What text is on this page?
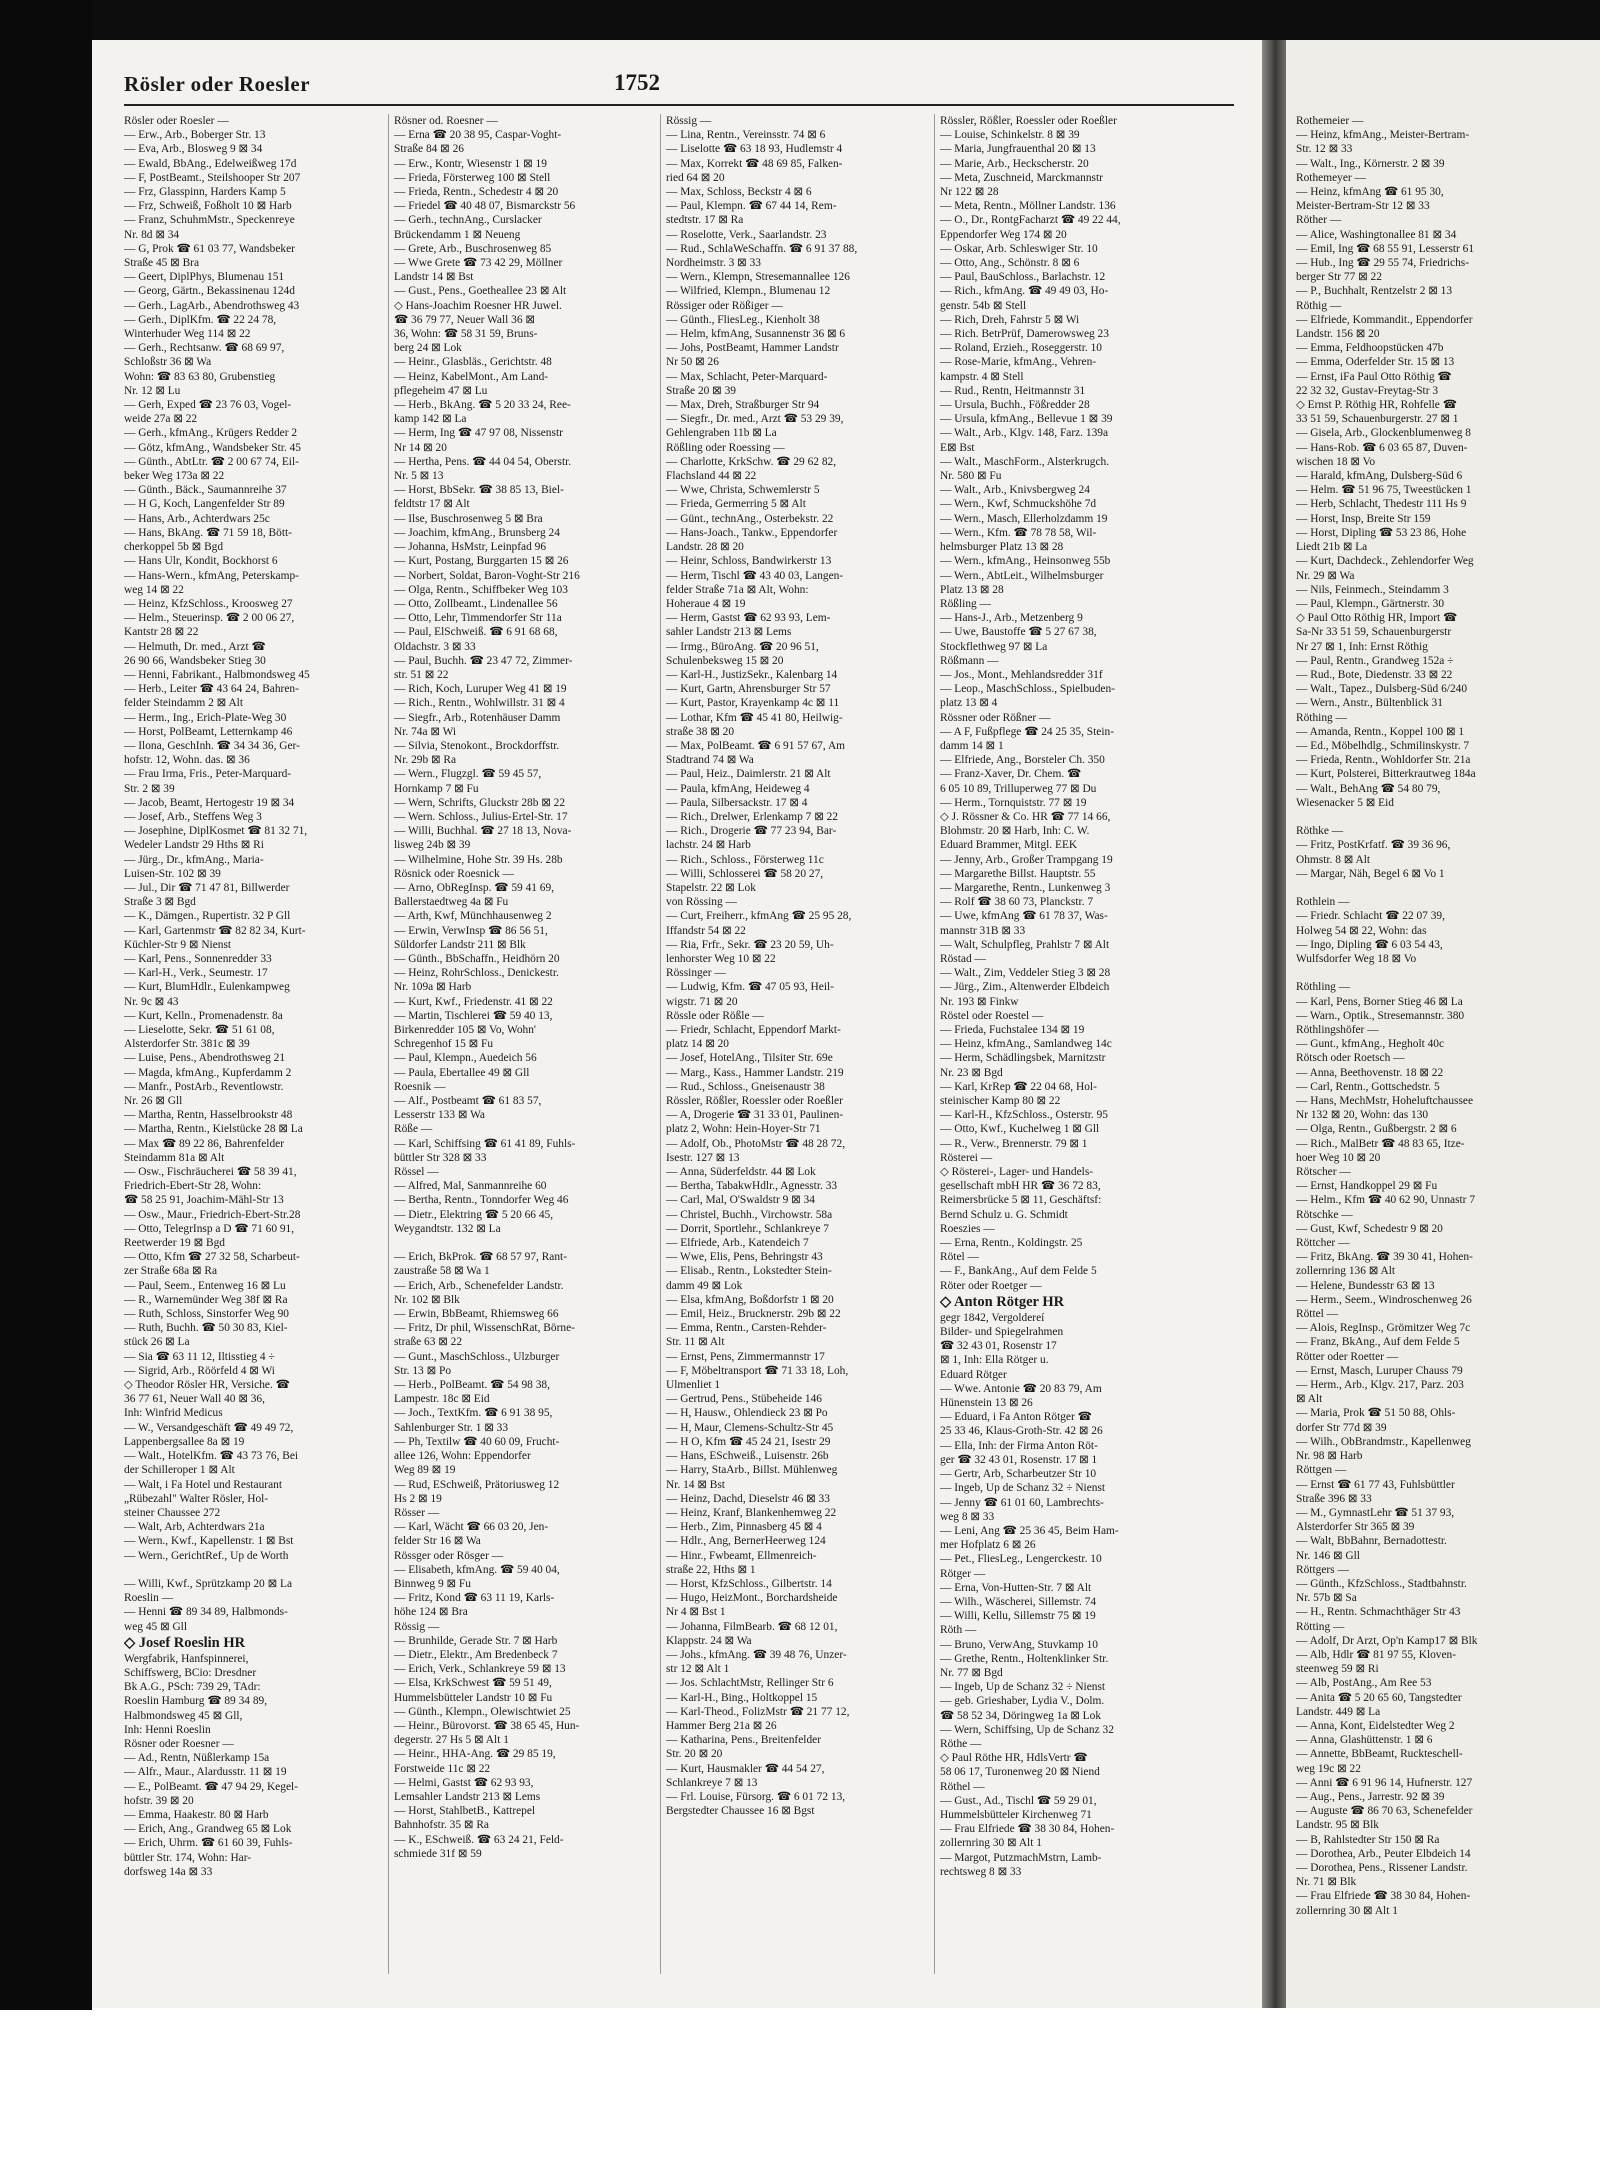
Rösler oder Roesler	1752

Rösler oder Roesler —

— Erw., Arb., Boberger Str. 13

— Eva, Arb., Blosweg 9 ⊠ 34

— Ewald, BbAng., Edelweißweg 17d

— F, PostBeamt., Steilshooper Str 207

— Frz, Glasspinn, Harders Kamp 5

— Frz, Schweiß, Foßholt 10 ⊠ Harb

— Franz, SchuhmMstr., Speckenreye

Nr. 8d ⊠ 34

— G, Prok ☎ 61 03 77, Wandsbeker

Straße 45 ⊠ Bra

— Geert, DiplPhys, Blumenau 151

— Georg, Gärtn., Bekassinenau 124d

— Gerh., LagArb., Abendrothsweg 43

— Gerh., DiplKfm. ☎ 22 24 78,

Winterhuder Weg 114 ⊠ 22

— Gerh., Rechtsanw. ☎ 68 69 97,

Schloßstr 36 ⊠ Wa

Wohn: ☎ 83 63 80, Grubenstieg

Nr. 12 ⊠ Lu

— Gerh, Exped ☎ 23 76 03, Vogel-

weide 27a ⊠ 22

— Gerh., kfmAng., Krügers Redder 2

— Götz, kfmAng., Wandsbeker Str. 45

— Günth., AbtLtr. ☎ 2 00 67 74, Eil-

beker Weg 173a ⊠ 22

— Günth., Bäck., Saumannreihe 37

— H G, Koch, Langenfelder Str 89

— Hans, Arb., Achterdwars 25c

— Hans, BkAng. ☎ 71 59 18, Bött-

cherkoppel 5b ⊠ Bgd

— Hans Ulr, Kondit, Bockhorst 6

— Hans-Wern., kfmAng, Peterskamp-

weg 14 ⊠ 22

— Heinz, KfzSchloss., Kroosweg 27

— Helm., Steuerinsp. ☎ 2 00 06 27,

Kantstr 28 ⊠ 22

— Helmuth, Dr. med., Arzt ☎

26 90 66, Wandsbeker Stieg 30

— Henni, Fabrikant., Halbmondsweg 45

— Herb., Leiter ☎ 43 64 24, Bahren-

felder Steindamm 2 ⊠ Alt

— Herm., Ing., Erich-Plate-Weg 30

— Horst, PolBeamt, Letternkamp 46

— Ilona, GeschInh. ☎ 34 34 36, Ger-

hofstr. 12, Wohn. das. ⊠ 36

— Frau Irma, Fris., Peter-Marquard-

Str. 2 ⊠ 39

— Jacob, Beamt, Hertogestr 19 ⊠ 34

— Josef, Arb., Steffens Weg 3

— Josephine, DiplKosmet ☎ 81 32 71,

Wedeler Landstr 29 Hths ⊠ Ri

— Jürg., Dr., kfmAng., Maria-

Luisen-Str. 102 ⊠ 39

— Jul., Dir ☎ 71 47 81, Billwerder

Straße 3 ⊠ Bgd

— K., Dämgen., Rupertistr. 32 P Gll

— Karl, Gartenmstr ☎ 82 82 34, Kurt-

Küchler-Str 9 ⊠ Nienst

— Karl, Pens., Sonnenredder 33

— Karl-H., Verk., Seumestr. 17

— Kurt, BlumHdlr., Eulenkampweg

Nr. 9c ⊠ 43

— Kurt, Kelln., Promenadenstr. 8a

— Lieselotte, Sekr. ☎ 51 61 08,

Alsterdorfer Str. 381c ⊠ 39

— Luise, Pens., Abendrothsweg 21

— Magda, kfmAng., Kupferdamm 2

— Manfr., PostArb., Reventlowstr.

Nr. 26 ⊠ Gll

— Martha, Rentn, Hasselbrookstr 48

— Martha, Rentn., Kielstücke 28 ⊠ La

— Max ☎ 89 22 86, Bahrenfelder

Steindamm 81a ⊠ Alt

— Osw., Fischräucherei ☎ 58 39 41,

Friedrich-Ebert-Str 28, Wohn:

☎ 58 25 91, Joachim-Mähl-Str 13

— Osw., Maur., Friedrich-Ebert-Str.28

— Otto, TelegrInsp a D ☎ 71 60 91,

Reetwerder 19 ⊠ Bgd

— Otto, Kfm ☎ 27 32 58, Scharbeut-

zer Straße 68a ⊠ Ra

— Paul, Seem., Entenweg 16 ⊠ Lu

— R., Warnemünder Weg 38f ⊠ Ra

— Ruth, Schloss, Sinstorfer Weg 90

— Ruth, Buchh. ☎ 50 30 83, Kiel-

stück 26 ⊠ La

— Sia ☎ 63 11 12, Iltisstieg 4 ÷

— Sigrid, Arb., Röörfeld 4 ⊠ Wi

◇ Theodor Rösler HR, Versiche. ☎

36 77 61, Neuer Wall 40 ⊠ 36,

Inh: Winfrid Medicus

— W., Versandgeschäft ☎ 49 49 72,

Lappenbergsallee 8a ⊠ 19

— Walt., HotelKfm. ☎ 43 73 76, Bei

der Schilleroper 1 ⊠ Alt

— Walt, i Fa Hotel und Restaurant

„Rübezahl" Walter Rösler, Hol-

steiner Chaussee 272

— Walt, Arb, Achterdwars 21a

— Wern., Kwf., Kapellenstr. 1 ⊠ Bst

— Wern., GerichtRef., Up de Worth

— Willi, Kwf., Sprützkamp 20 ⊠ La

Roeslin —

— Henni ☎ 89 34 89, Halbmonds-

weg 45 ⊠ Gll

◇ Josef Roeslin HR

Wergfabrik, Hanfspinnerei,

Schiffswerg, BCio: Dresdner

Bk A.G., PSch: 739 29, TAdr:

Roeslin Hamburg ☎ 89 34 89,

Halbmondsweg 45 ⊠ Gll,

Inh: Henni Roeslin

Rösner oder Roesner —

— Ad., Rentn, Nüßlerkamp 15a

— Alfr., Maur., Alardusstr. 11 ⊠ 19

— E., PolBeamt. ☎ 47 94 29, Kegel-

hofstr. 39 ⊠ 20

— Emma, Haakestr. 80 ⊠ Harb

— Erich, Ang., Grandweg 65 ⊠ Lok

— Erich, Uhrm. ☎ 61 60 39, Fuhls-

büttler Str. 174, Wohn: Har-

dorfsweg 14a ⊠ 33

Rösner od. Roesner —

— Erna ☎ 20 38 95, Caspar-Voght-

Straße 84 ⊠ 26

— Erw., Kontr, Wiesenstr 1 ⊠ 19

— Frieda, Försterweg 100 ⊠ Stell

— Frieda, Rentn., Schedestr 4 ⊠ 20

— Friedel ☎ 40 48 07, Bismarckstr 56

— Gerh., technAng., Curslacker

Brückendamm 1 ⊠ Neueng

— Grete, Arb., Buschrosenweg 85

— Wwe Grete ☎ 73 42 29, Möllner

Landstr 14 ⊠ Bst

— Gust., Pens., Goetheallee 23 ⊠ Alt

◇ Hans-Joachim Roesner HR Juwel.

☎ 36 79 77, Neuer Wall 36 ⊠

36, Wohn: ☎ 58 31 59, Bruns-

berg 24 ⊠ Lok

— Heinr., Glasbläs., Gerichtstr. 48

— Heinz, KabelMont., Am Land-

pflegeheim 47 ⊠ Lu

— Herb., BkAng. ☎ 5 20 33 24, Ree-

kamp 142 ⊠ La

— Herm, Ing ☎ 47 97 08, Nissenstr

Nr 14 ⊠ 20

— Hertha, Pens. ☎ 44 04 54, Oberstr.

Nr. 5 ⊠ 13

— Horst, BbSekr. ☎ 38 85 13, Biel-

feldtstr 17 ⊠ Alt

— Ilse, Buschrosenweg 5 ⊠ Bra

— Joachim, kfmAng., Brunsberg 24

— Johanna, HsMstr, Leinpfad 96

— Kurt, Postang, Burggarten 15 ⊠ 26

— Norbert, Soldat, Baron-Voght-Str 216

— Olga, Rentn., Schiffbeker Weg 103

— Otto, Zollbeamt., Lindenallee 56

— Otto, Lehr, Timmendorfer Str 11a

— Paul, ElSchweiß. ☎ 6 91 68 68,

Oldachstr. 3 ⊠ 33

— Paul, Buchh. ☎ 23 47 72, Zimmer-

str. 51 ⊠ 22

— Rich, Koch, Luruper Weg 41 ⊠ 19

— Rich., Rentn., Wohlwillstr. 31 ⊠ 4

— Siegfr., Arb., Rotenhäuser Damm

Nr. 74a ⊠ Wi

— Silvia, Stenokont., Brockdorffstr.

Nr. 29b ⊠ Ra

— Wern., Flugzgl. ☎ 59 45 57,

Hornkamp 7 ⊠ Fu

— Wern, Schrifts, Gluckstr 28b ⊠ 22

— Wern. Schloss., Julius-Ertel-Str. 17

— Willi, Buchhal. ☎ 27 18 13, Nova-

lisweg 24b ⊠ 39

— Wilhelmine, Hohe Str. 39 Hs. 28b

Rösnick oder Roesnick —

— Arno, ObRegInsp. ☎ 59 41 69,

Ballerstaedtweg 4a ⊠ Fu

— Arth, Kwf, Münchhausenweg 2

— Erwin, VerwInsp ☎ 86 56 51,

Süldorfer Landstr 211 ⊠ Blk

— Günth., BbSchaffn., Heidhörn 20

— Heinz, RohrSchloss., Denickestr.

Nr. 109a ⊠ Harb

— Kurt, Kwf., Friedenstr. 41 ⊠ 22

— Martin, Tischlerei ☎ 59 40 13,

Birkenredder 105 ⊠ Vo, Wohn'

Schregenhof 15 ⊠ Fu

— Paul, Klempn., Auedeich 56

— Paula, Ebertallee 49 ⊠ Gll

Roesnik —

— Alf., Postbeamt ☎ 61 83 57,

Lesserstr 133 ⊠ Wa

Röße —

— Karl, Schiffsing ☎ 61 41 89, Fuhls-

büttler Str 328 ⊠ 33

Rössel —

— Alfred, Mal, Sanmannreihe 60

— Bertha, Rentn., Tonndorfer Weg 46

— Dietr., Elektring ☎ 5 20 66 45,

Weygandtstr. 132 ⊠ La

— Erich, BkProk. ☎ 68 57 97, Rant-

zaustraße 58 ⊠ Wa 1

— Erich, Arb., Schenefelder Landstr.

Nr. 102 ⊠ Blk

— Erwin, BbBeamt, Rhiemsweg 66

— Fritz, Dr phil, WissenschRat, Börne-

straße 63 ⊠ 22

— Gunt., MaschSchloss., Ulzburger

Str. 13 ⊠ Po

— Herb., PolBeamt. ☎ 54 98 38,

Lampestr. 18c ⊠ Eid

— Joch., TextKfm. ☎ 6 91 38 95,

Sahlenburger Str. 1 ⊠ 33

— Ph, Textilw ☎ 40 60 09, Frucht-

allee 126, Wohn: Eppendorfer

Weg 89 ⊠ 19

— Rud, ESchweiß, Prätoriusweg 12

Hs 2 ⊠ 19

Rösser —

— Karl, Wächt ☎ 66 03 20, Jen-

felder Str 16 ⊠ Wa

Rössger oder Rösger —

— Elisabeth, kfmAng. ☎ 59 40 04,

Binnweg 9 ⊠ Fu

— Fritz, Kond ☎ 63 11 19, Karls-

höhe 124 ⊠ Bra

Rössig —

— Brunhilde, Gerade Str. 7 ⊠ Harb

— Dietr., Elektr., Am Bredenbeck 7

— Erich, Verk., Schlankreye 59 ⊠ 13

— Elsa, KrkSchwest ☎ 59 51 49,

Hummelsbütteler Landstr 10 ⊠ Fu

— Günth., Klempn., Olewischtwiet 25

— Heinr., Bürovorst. ☎ 38 65 45, Hun-

degerstr. 27 Hs 5 ⊠ Alt 1

— Heinr., HHA-Ang. ☎ 29 85 19,

Forstweide 11c ⊠ 22

— Helmi, Gastst ☎ 62 93 93,

Lemsahler Landstr 213 ⊠ Lems

— Horst, StahlbetB., Kattrepel

Bahnhofstr. 35 ⊠ Ra

— K., ESchweiß. ☎ 63 24 21, Feld-

schmiede 31f ⊠ 59

Rössig —

— Lina, Rentn., Vereinsstr. 74 ⊠ 6

— Liselotte ☎ 63 18 93, Hudlemstr 4

— Max, Korrekt ☎ 48 69 85, Falken-

ried 64 ⊠ 20

— Max, Schloss, Beckstr 4 ⊠ 6

— Paul, Klempn. ☎ 67 44 14, Rem-

stedtstr. 17 ⊠ Ra

— Roselotte, Verk., Saarlandstr. 23

— Rud., SchlaWeSchaffn. ☎ 6 91 37 88,

Nordheimstr. 3 ⊠ 33

— Wern., Klempn, Stresemannallee 126

— Wilfried, Klempn., Blumenau 12

Rössiger oder Rößiger —

— Günth., FliesLeg., Kienholt 38

— Helm, kfmAng, Susannenstr 36 ⊠ 6

— Johs, PostBeamt, Hammer Landstr

Nr 50 ⊠ 26

— Max, Schlacht, Peter-Marquard-

Straße 20 ⊠ 39

— Max, Dreh, Straßburger Str 94

— Siegfr., Dr. med., Arzt ☎ 53 29 39,

Gehlengraben 11b ⊠ La

Rößling oder Roessing —

— Charlotte, KrkSchw. ☎ 29 62 82,

Flachsland 44 ⊠ 22

— Wwe, Christa, Schwemlerstr 5

— Frieda, Germerring 5 ⊠ Alt

— Günt., technAng., Osterbekstr. 22

— Hans-Joach., Tankw., Eppendorfer

Landstr. 28 ⊠ 20

— Heinr, Schloss, Bandwirkerstr 13

— Herm, Tischl ☎ 43 40 03, Langen-

felder Straße 71a ⊠ Alt, Wohn:

Hoheraue 4 ⊠ 19

— Herm, Gastst ☎ 62 93 93, Lem-

sahler Landstr 213 ⊠ Lems

— Irmg., BüroAng. ☎ 20 96 51,

Schulenbeksweg 15 ⊠ 20

— Karl-H., JustizSekr., Kalenbarg 14

— Kurt, Gartn, Ahrensburger Str 57

— Kurt, Pastor, Krayenkamp 4c ⊠ 11

— Lothar, Kfm ☎ 45 41 80, Heilwig-

straße 38 ⊠ 20

— Max, PolBeamt. ☎ 6 91 57 67, Am

Stadtrand 74 ⊠ Wa

— Paul, Heiz., Daimlerstr. 21 ⊠ Alt

— Paula, kfmAng, Heideweg 4

— Paula, Silbersackstr. 17 ⊠ 4

— Rich., Drelwer, Erlenkamp 7 ⊠ 22

— Rich., Drogerie ☎ 77 23 94, Bar-

lachstr. 24 ⊠ Harb

— Rich., Schloss., Försterweg 11c

— Willi, Schlosserei ☎ 58 20 27,

Stapelstr. 22 ⊠ Lok

von Rössing —

— Curt, Freiherr., kfmAng ☎ 25 95 28,

Iffandstr 54 ⊠ 22

— Ria, Frfr., Sekr. ☎ 23 20 59, Uh-

lenhorster Weg 10 ⊠ 22

Rössinger —

— Ludwig, Kfm. ☎ 47 05 93, Heil-

wigstr. 71 ⊠ 20

Rössle oder Rößle —

— Friedr, Schlacht, Eppendorf Markt-

platz 14 ⊠ 20

— Josef, HotelAng., Tilsiter Str. 69e

— Marg., Kass., Hammer Landstr. 219

— Rud., Schloss., Gneisenaustr 38

Rössler, Rößler, Roessler oder Roeßler

— A, Drogerie ☎ 31 33 01, Paulinen-

platz 2, Wohn: Hein-Hoyer-Str 71

— Adolf, Ob., PhotoMstr ☎ 48 28 72,

Isestr. 127 ⊠ 13

— Anna, Süderfeldstr. 44 ⊠ Lok

— Bertha, TabakwHdlr., Agnesstr. 33

— Carl, Mal, O'Swaldstr 9 ⊠ 34

— Christel, Buchh., Virchowstr. 58a

— Dorrit, Sportlehr., Schlankreye 7

— Elfriede, Arb., Katendeich 7

— Wwe, Elis, Pens, Behringstr 43

— Elisab., Rentn., Lokstedter Stein-

damm 49 ⊠ Lok

— Elsa, kfmAng, Boßdorfstr 1 ⊠ 20

— Emil, Heiz., Brucknerstr. 29b ⊠ 22

— Emma, Rentn., Carsten-Rehder-

Str. 11 ⊠ Alt

— Ernst, Pens, Zimmermannstr 17

— F, Möbeltransport ☎ 71 33 18, Loh,

Ulmenliet 1

— Gertrud, Pens., Stübeheide 146

— H, Hausw., Ohlendieck 23 ⊠ Po

— H, Maur, Clemens-Schultz-Str 45

— H O, Kfm ☎ 45 24 21, Isestr 29

— Hans, ESchweiß., Luisenstr. 26b

— Harry, StaArb., Billst. Mühlenweg

Nr. 14 ⊠ Bst

— Heinz, Dachd, Dieselstr 46 ⊠ 33

— Heinz, Kranf, Blankenhemweg 22

— Herb., Zim, Pinnasberg 45 ⊠ 4

— Hdlr., Ang, BernerHeerweg 124

— Hinr., Fwbeamt, Ellmenreich-

straße 22, Hths ⊠ 1

— Horst, KfzSchloss., Gilbertstr. 14

— Hugo, HeizMont., Borchardsheide

Nr 4 ⊠ Bst 1

— Johanna, FilmBearb. ☎ 68 12 01,

Klappstr. 24 ⊠ Wa

— Johs., kfmAng. ☎ 39 48 76, Unzer-

str 12 ⊠ Alt 1

— Jos. SchlachtMstr, Rellinger Str 6

— Karl-H., Bing., Holtkoppel 15

— Karl-Theod., FolizMstr ☎ 21 77 12,

Hammer Berg 21a ⊠ 26

— Katharina, Pens., Breitenfelder

Str. 20 ⊠ 20

— Kurt, Hausmakler ☎ 44 54 27,

Schlankreye 7 ⊠ 13

— Frl. Louise, Fürsorg. ☎ 6 01 72 13,

Bergstedter Chaussee 16 ⊠ Bgst

Rössler, Rößler, Roessler oder Roeßler

— Louise, Schinkelstr. 8 ⊠ 39

— Maria, Jungfrauenthal 20 ⊠ 13

— Marie, Arb., Heckscherstr. 20

— Meta, Zuschneid, Marckmannstr

Nr 122 ⊠ 28

— Meta, Rentn., Möllner Landstr. 136

— O., Dr., RontgFacharzt ☎ 49 22 44,

Eppendorfer Weg 174 ⊠ 20

— Oskar, Arb. Schleswiger Str. 10

— Otto, Ang., Schönstr. 8 ⊠ 6

— Paul, BauSchloss., Barlachstr. 12

— Rich., kfmAng. ☎ 49 49 03, Ho-

genstr. 54b ⊠ Stell

— Rich, Dreh, Fahrstr 5 ⊠ Wi

— Rich. BetrPrüf, Damerowsweg 23

— Roland, Erzieh., Roseggerstr. 10

— Rose-Marie, kfmAng., Vehren-

kampstr. 4 ⊠ Stell

— Rud., Rentn, Heitmannstr 31

— Ursula, Buchh., Fößredder 28

— Ursula, kfmAng., Bellevue 1 ⊠ 39

— Walt., Arb., Klgv. 148, Farz. 139a

E⊠ Bst

— Walt., MaschForm., Alsterkrugch.

Nr. 580 ⊠ Fu

— Walt., Arb., Knivsbergweg 24

— Wern., Kwf, Schmuckshöhe 7d

— Wern., Masch, Ellerholzdamm 19

— Wern., Kfm. ☎ 78 78 58, Wil-

helmsburger Platz 13 ⊠ 28

— Wern., kfmAng., Heinsonweg 55b

— Wern., AbtLeit., Wilhelmsburger

Platz 13 ⊠ 28

Rößling —

— Hans-J., Arb., Metzenberg 9

— Uwe, Baustoffe ☎ 5 27 67 38,

Stockflethweg 97 ⊠ La

Rößmann —

— Jos., Mont., Mehlandsredder 31f

— Leop., MaschSchloss., Spielbuden-

platz 13 ⊠ 4

Rössner oder Rößner —

— A F, Fußpflege ☎ 24 25 35, Stein-

damm 14 ⊠ 1

— Elfriede, Ang., Borsteler Ch. 350

— Franz-Xaver, Dr. Chem. ☎

6 05 10 89, Trilluperweg 77 ⊠ Du

— Herm., Tornquiststr. 77 ⊠ 19

◇ J. Rössner & Co. HR ☎ 77 14 66,

Blohmstr. 20 ⊠ Harb, Inh: C. W.

Eduard Brammer, Mitgl. EEK

— Jenny, Arb., Großer Trampgang 19

— Margarethe Billst. Hauptstr. 55

— Margarethe, Rentn., Lunkenweg 3

— Rolf ☎ 38 60 73, Planckstr. 7

— Uwe, kfmAng ☎ 61 78 37, Was-

mannstr 31B ⊠ 33

— Walt, Schulpfleg, Prahlstr 7 ⊠ Alt

Röstad —

— Walt., Zim, Veddeler Stieg 3 ⊠ 28

— Jürg., Zim., Altenwerder Elbdeich

Nr. 193 ⊠ Finkw

Röstel oder Roestel —

— Frieda, Fuchstalee 134 ⊠ 19

— Heinz, kfmAng., Samlandweg 14c

— Herm, Schädlingsbek, Marnitzstr

Nr. 23 ⊠ Bgd

— Karl, KrRep ☎ 22 04 68, Hol-

steinischer Kamp 80 ⊠ 22

— Karl-H., KfzSchloss., Osterstr. 95

— Otto, Kwf., Kuchelweg 1 ⊠ Gll

— R., Verw., Brennerstr. 79 ⊠ 1

Rösterei —

◇ Rösterei-, Lager- und Handels-

gesellschaft mbH HR ☎ 36 72 83,

Reimersbrücke 5 ⊠ 11, Geschäftsf:

Bernd Schulz u. G. Schmidt

Roeszies —

— Erna, Rentn., Koldingstr. 25

Rötel —

— F., BankAng., Auf dem Felde 5

Röter oder Roetger —

◇ Anton Rötger HR

gegr 1842, Vergoldereí

Bilder- und Spiegelrahmen

☎ 32 43 01, Rosenstr 17

⊠ 1, Inh: Ella Rötger u.

Eduard Rötger

— Wwe. Antonie ☎ 20 83 79, Am

Hünenstein 13 ⊠ 26

— Eduard, i Fa Anton Rötger ☎

25 33 46, Klaus-Groth-Str. 42 ⊠ 26

— Ella, Inh: der Firma Anton Röt-

ger ☎ 32 43 01, Rosenstr. 17 ⊠ 1

— Gertr, Arb, Scharbeutzer Str 10

— Ingeb, Up de Schanz 32 ÷ Nienst

— Jenny ☎ 61 01 60, Lambrechts-

weg 8 ⊠ 33

— Leni, Ang ☎ 25 36 45, Beim Ham-

mer Hofplatz 6 ⊠ 26

— Pet., FliesLeg., Lengerckestr. 10

Rötger —

— Erna, Von-Hutten-Str. 7 ⊠ Alt

— Wilh., Wäscherei, Sillemstr. 74

— Willi, Kellu, Sillemstr 75 ⊠ 19

Röth —

— Bruno, VerwAng, Stuvkamp 10

— Grethe, Rentn., Holtenklinker Str.

Nr. 77 ⊠ Bgd

— Ingeb, Up de Schanz 32 ÷ Nienst

— geb. Grieshaber, Lydia V., Dolm.

☎ 58 52 34, Döringweg 1a ⊠ Lok

— Wern, Schiffsing, Up de Schanz 32

Röthe —

◇ Paul Röthe HR, HdlsVertr ☎

58 06 17, Turonenweg 20 ⊠ Niend

Röthel —

— Gust., Ad., Tischl ☎ 59 29 01,

Hummelsbütteler Kirchenweg 71

— Frau Elfriede ☎ 38 30 84, Hohen-

zollernring 30 ⊠ Alt 1

— Margot, PutzmachMstrn, Lamb-

rechtsweg 8 ⊠ 33

Rothemeier —

— Heinz, kfmAng., Meister-Bertram-

Str. 12 ⊠ 33

— Walt., Ing., Körnerstr. 2 ⊠ 39

Rothemeyer —

— Heinz, kfmAng ☎ 61 95 30,

Meister-Bertram-Str 12 ⊠ 33

Röther —

— Alice, Washingtonallee 81 ⊠ 34

— Emil, Ing ☎ 68 55 91, Lesserstr 61

— Hub., Ing ☎ 29 55 74, Friedrichs-

berger Str 77 ⊠ 22

— P., Buchhalt, Rentzelstr 2 ⊠ 13

Röthig —

— Elfriede, Kommandit., Eppendorfer

Landstr. 156 ⊠ 20

— Emma, Feldhoopstücken 47b

— Emma, Oderfelder Str. 15 ⊠ 13

— Ernst, iFa Paul Otto Röthig ☎

22 32 32, Gustav-Freytag-Str 3

◇ Ernst P. Röthig HR, Rohfelle ☎

33 51 59, Schauenburgerstr. 27 ⊠ 1

— Gisela, Arb., Glockenblumenweg 8

— Hans-Rob. ☎ 6 03 65 87, Duven-

wischen 18 ⊠ Vo

— Harald, kfmAng, Dulsberg-Süd 6

— Helm. ☎ 51 96 75, Tweestücken 1

— Herb, Schlacht, Thedestr 111 Hs 9

— Horst, Insp, Breite Str 159

— Horst, Dipling ☎ 53 23 86, Hohe

Liedt 21b ⊠ La

— Kurt, Dachdeck., Zehlendorfer Weg

Nr. 29 ⊠ Wa

— Nils, Feinmech., Steindamm 3

— Paul, Klempn., Gärtnerstr. 30

◇ Paul Otto Röthig HR, Import ☎

Sa-Nr 33 51 59, Schauenburgerstr

Nr 27 ⊠ 1, Inh: Ernst Röthig

— Paul, Rentn., Grandweg 152a ÷

— Rud., Bote, Diedenstr. 33 ⊠ 22

— Walt., Tapez., Dulsberg-Süd 6/240

— Wern., Anstr., Bültenblick 31

Röthing —

— Amanda, Rentn., Koppel 100 ⊠ 1

— Ed., Möbelhdlg., Schmilinskystr. 7

— Frieda, Rentn., Wohldorfer Str. 21a

— Kurt, Polsterei, Bitterkrautweg 184a

— Walt., BehAng ☎ 54 80 79,

Wiesenacker 5 ⊠ Eid

Röthke —

— Fritz, PostKrfatf. ☎ 39 36 96,

Ohmstr. 8 ⊠ Alt

— Margar, Näh, Begel 6 ⊠ Vo 1

Rothlein —

— Friedr. Schlacht ☎ 22 07 39,

Holweg 54 ⊠ 22, Wohn: das

— Ingo, Dipling ☎ 6 03 54 43,

Wulfsdorfer Weg 18 ⊠ Vo

Röthling —

— Karl, Pens, Borner Stieg 46 ⊠ La

— Warn., Optik., Stresemannstr. 380

Röthlingshöfer —

— Gunt., kfmAng., Hegholt 40c

Rötsch oder Roetsch —

— Anna, Beethovenstr. 18 ⊠ 22

— Carl, Rentn., Gottschedstr. 5

— Hans, MechMstr, Hoheluftchaussee

Nr 132 ⊠ 20, Wohn: das 130

— Olga, Rentn., Gußbergstr. 2 ⊠ 6

— Rich., MalBetr ☎ 48 83 65, Itze-

hoer Weg 10 ⊠ 20

Rötscher —

— Ernst, Handkoppel 29 ⊠ Fu

— Helm., Kfm ☎ 40 62 90, Unnastr 7

Rötschke —

— Gust, Kwf, Schedestr 9 ⊠ 20

Röttcher —

— Fritz, BkAng. ☎ 39 30 41, Hohen-

zollernring 136 ⊠ Alt

— Helene, Bundesstr 63 ⊠ 13

— Herm., Seem., Windroschenweg 26

Röttel —

— Alois, RegInsp., Grömitzer Weg 7c

— Franz, BkAng., Auf dem Felde 5

Rötter oder Roetter —

— Ernst, Masch, Luruper Chauss 79

— Herm., Arb., Klgv. 217, Parz. 203

⊠ Alt

— Maria, Prok ☎ 51 50 88, Ohls-

dorfer Str 77d ⊠ 39

— Wilh., ObBrandmstr., Kapellenweg

Nr. 98 ⊠ Harb

Röttgen —

— Ernst ☎ 61 77 43, Fuhlsbüttler

Straße 396 ⊠ 33

— M., GymnastLehr ☎ 51 37 93,

Alsterdorfer Str 365 ⊠ 39

— Walt, BbBahnr, Bernadottestr.

Nr. 146 ⊠ Gll

Röttgers —

— Günth., KfzSchloss., Stadtbahnstr.

Nr. 57b ⊠ Sa

— H., Rentn. Schmachthäger Str 43

Rötting —

— Adolf, Dr Arzt, Op'n Kamp17 ⊠ Blk

— Alb, Hdlr ☎ 81 97 55, Kloven-

steenweg 59 ⊠ Ri

— Alb, PostAng., Am Ree 53

— Anita ☎ 5 20 65 60, Tangstedter

Landstr. 449 ⊠ La

— Anna, Kont, Eidelstedter Weg 2

— Anna, Glashüttenstr. 1 ⊠ 6

— Annette, BbBeamt, Ruckteschell-

weg 19c ⊠ 22

— Anni ☎ 6 91 96 14, Hufnerstr. 127

— Aug., Pens., Jarrestr. 92 ⊠ 39

— Auguste ☎ 86 70 63, Schenefelder

Landstr. 95 ⊠ Blk

— B, Rahlstedter Str 150 ⊠ Ra

— Dorothea, Arb., Peuter Elbdeich 14

— Dorothea, Pens., Rissener Landstr.

Nr. 71 ⊠ Blk

— Frau Elfriede ☎ 38 30 84, Hohen-

zollernring 30 ⊠ Alt 1
